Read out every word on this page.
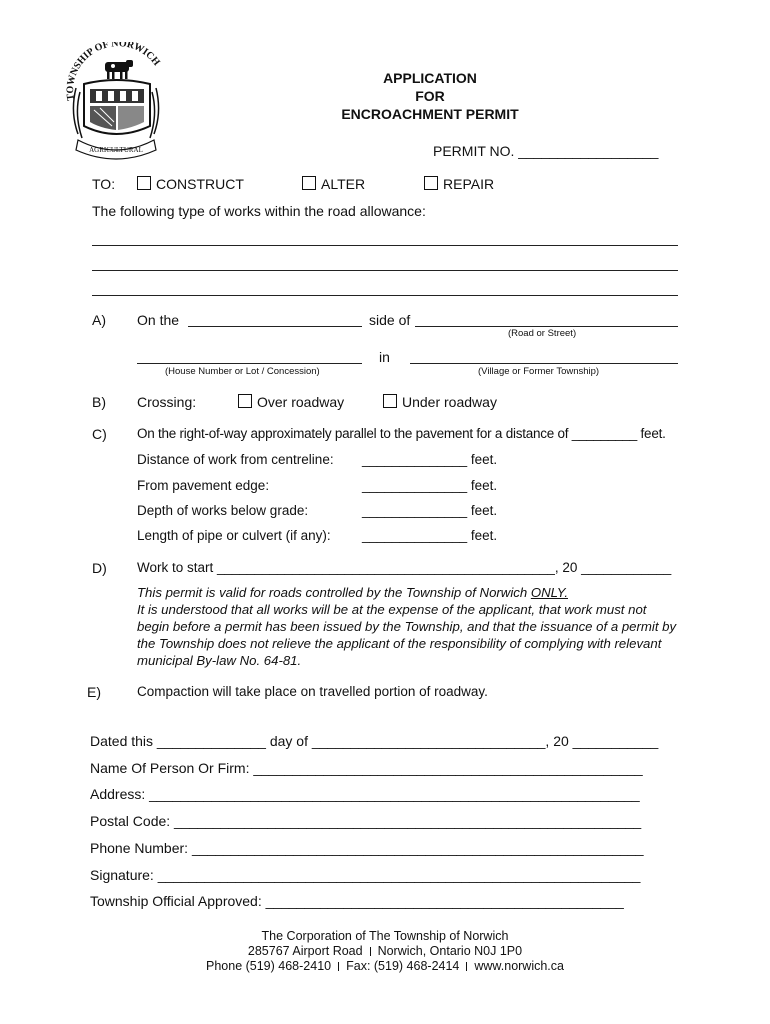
TOWNSHIP OF NORWICH
AGRICULTURAL
APPLICATION
FOR
ENCROACHMENT PERMIT
PERMIT NO. __________________
TO:	CONSTRUCT	ALTER	REPAIR
The following type of works within the road allowance:
A) On the	side of
(Road or Street)
in
(House Number or Lot / Concession)	(Village or Former Township)
B) Crossing:	Over roadway	Under roadway
C) On the right-of-way approximately parallel to the pavement for a distance of _________ feet.
Distance of work from centreline: ______________ feet.
From pavement edge:	______________ feet.
Depth of works below grade:	______________ feet.
Length of pipe or culvert (if any): ______________ feet.
D) Work to start _____________________________________________, 20 ____________
This permit is valid for roads controlled by the Township of Norwich ONLY.
It is understood that all works will be at the expense of the applicant, that work must not begin before a permit has been issued by the Township, and that the issuance of a permit by the Township does not relieve the applicant of the responsibility of complying with relevant municipal By-law No. 64-81.
E)	Compaction will take place on travelled portion of roadway.
Dated this ______________ day of ______________________________, 20 ___________
Name Of Person Or Firm: __________________________________________________
Address: _______________________________________________________________
Postal Code: ____________________________________________________________
Phone Number: __________________________________________________________
Signature: ______________________________________________________________
Township Official Approved: ______________________________________________
The Corporation of The Township of Norwich
285767 Airport Road Norwich, Ontario N0J 1P0
Phone (519) 468-2410 Fax: (519) 468-2414 www.norwich.ca
